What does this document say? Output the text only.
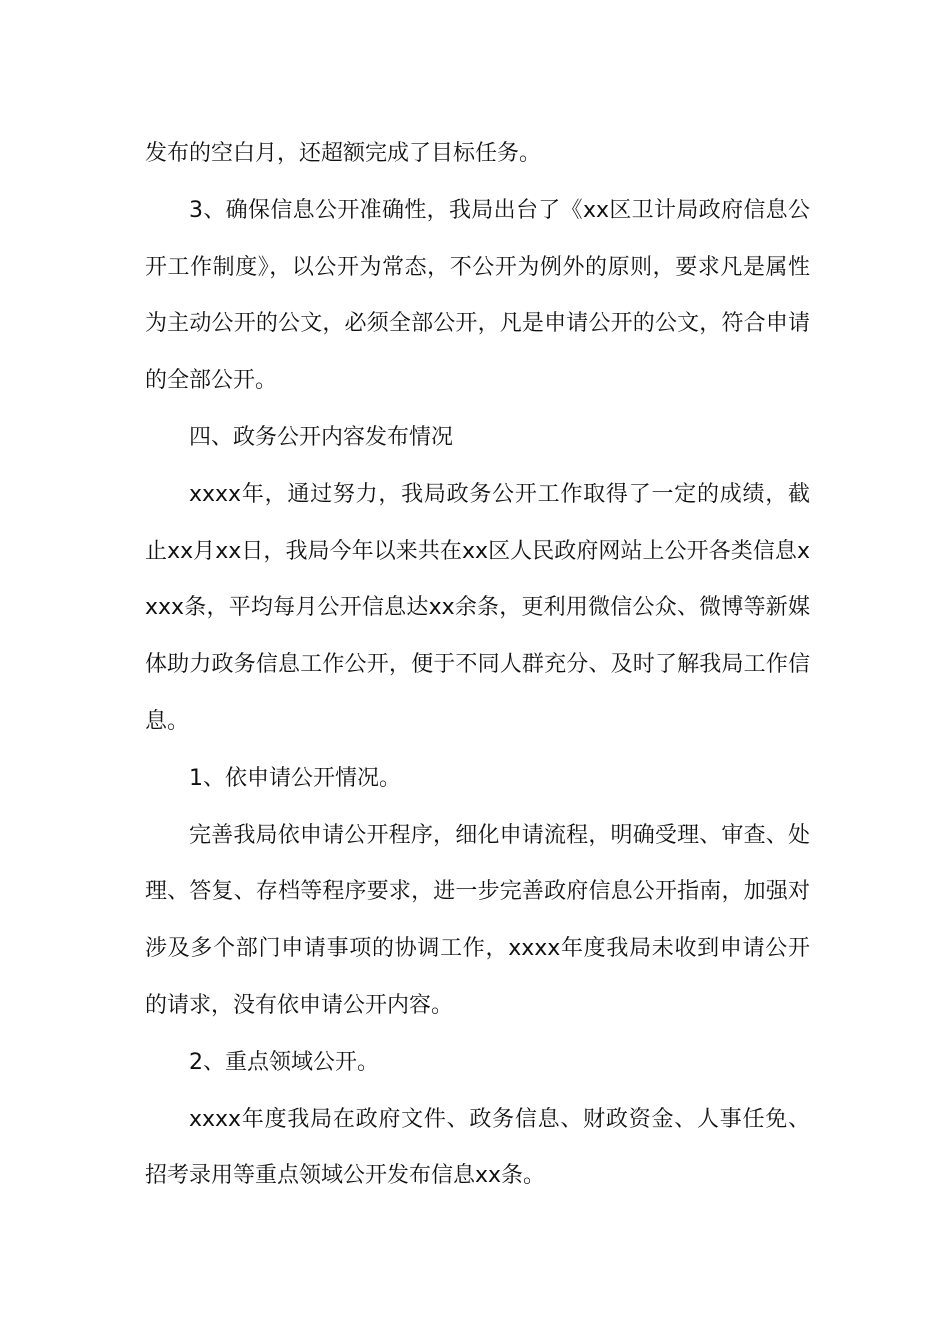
发布的空白月，还超额完成了目标任务。

3、确保信息公开准确性，我局出台了《xx区卫计局政府信息公开工作制度》，以公开为常态，不公开为例外的原则，要求凡是属性为主动公开的公文，必须全部公开，凡是申请公开的公文，符合申请的全部公开。

四、政务公开内容发布情况

xxxx年，通过努力，我局政务公开工作取得了一定的成绩，截止xx月xx日，我局今年以来共在xx区人民政府网站上公开各类信息xxxx条，平均每月公开信息达xx余条，更利用微信公众、微博等新媒体助力政务信息工作公开，便于不同人群充分、及时了解我局工作信息。

1、依申请公开情况。

完善我局依申请公开程序，细化申请流程，明确受理、审查、处理、答复、存档等程序要求，进一步完善政府信息公开指南，加强对涉及多个部门申请事项的协调工作，xxxx年度我局未收到申请公开的请求，没有依申请公开内容。

2、重点领域公开。

xxxx年度我局在政府文件、政务信息、财政资金、人事任免、招考录用等重点领域公开发布信息xx条。
